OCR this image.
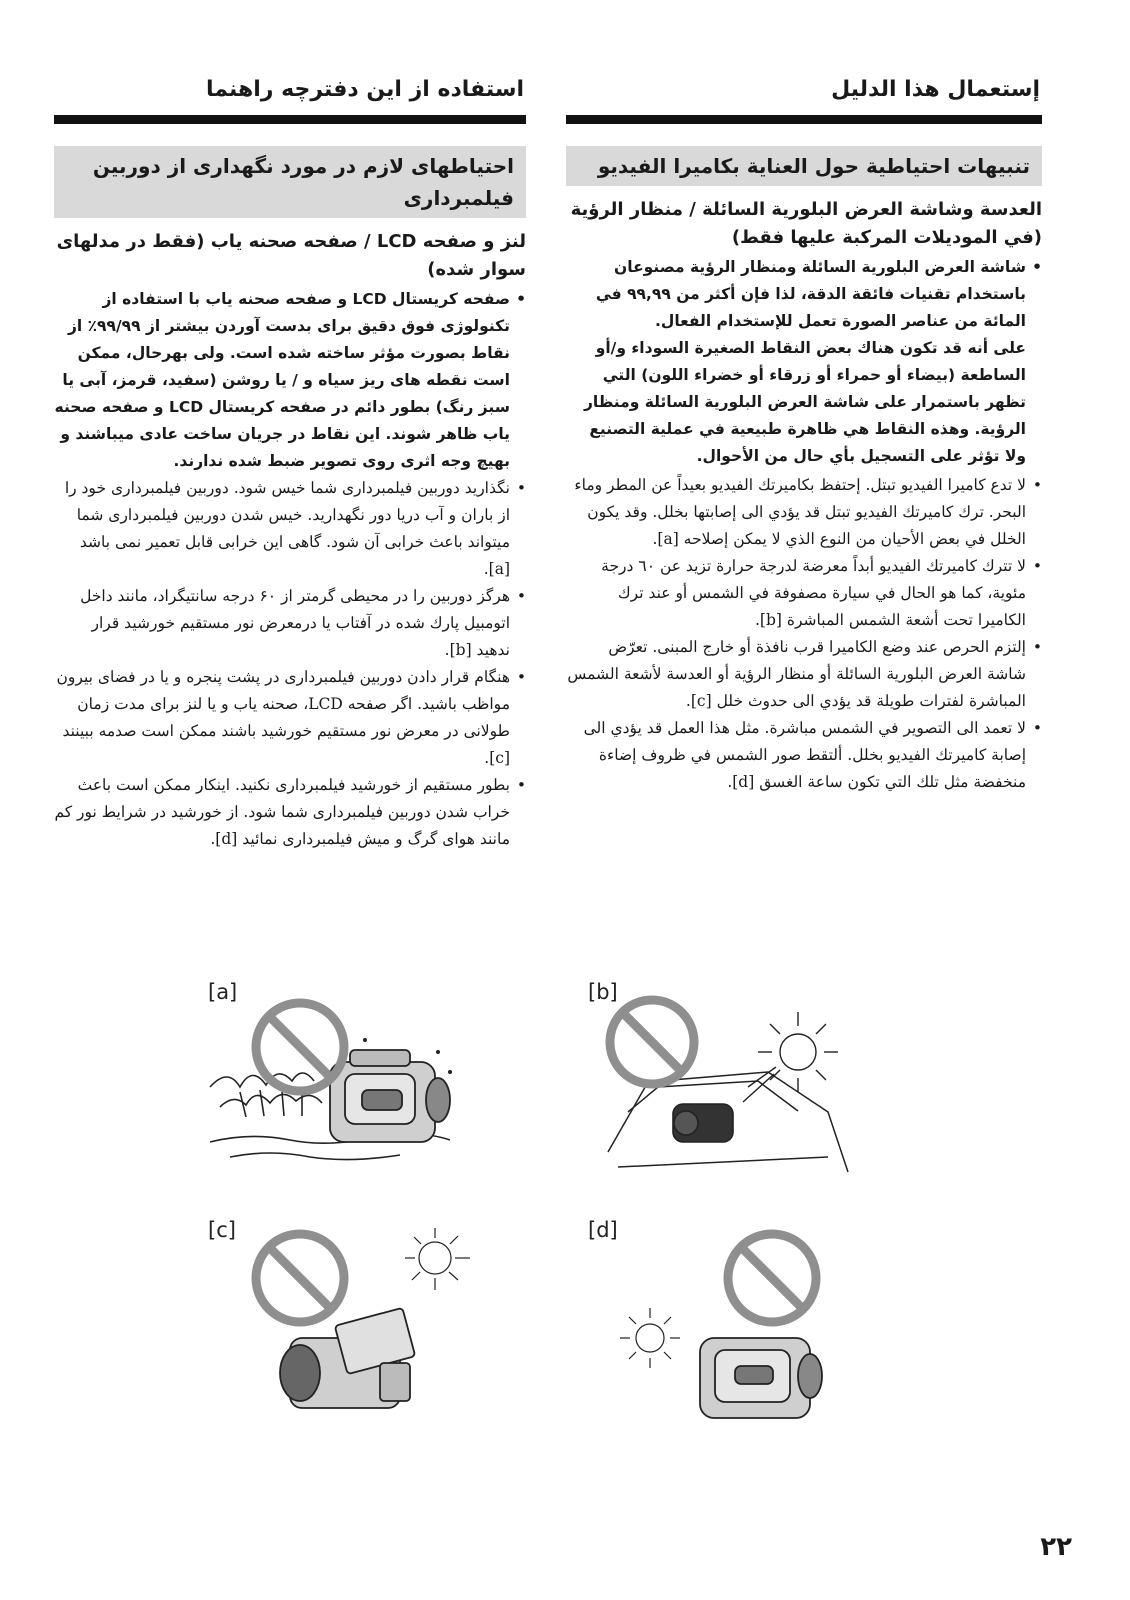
استفاده از این دفترچه راهنما
احتیاطهای لازم در مورد نگهداری از دوربین فیلمبرداری
لنز و صفحه LCD / صفحه صحنه یاب (فقط در مدلهای سوار شده)
• صفحه کریستال LCD و صفحه صحنه یاب با استفاده از تکنولوژی فوق دقیق برای بدست آوردن بیشتر از ۹۹/۹۹٪ از نقاط بصورت مؤثر ساخته شده است. ولی بهرحال، ممکن است نقطه های ریز سیاه و / یا روشن (سفید، قرمز، آبی یا سبز رنگ) بطور دائم در صفحه کریستال LCD و صفحه صحنه یاب ظاهر شوند. این نقاط در جریان ساخت عادی میباشند و بهیچ وجه اثری روی تصویر ضبط شده ندارند.
• نگذارید دوربین فیلمبرداری شما خیس شود. دوربین فیلمبرداری خود را از باران و آب دریا دور نگهدارید. خیس شدن دوربین فیلمبرداری شما میتواند باعث خرابی آن شود. گاهی این خرابی قابل تعمیر نمی باشد [a].
• هرگز دوربین را در محیطی گرمتر از ۶۰ درجه سانتیگراد، مانند داخل اتومبیل پارك شده در آفتاب یا درمعرض نور مستقیم خورشید قرار ندهید [b].
• هنگام قرار دادن دوربین فیلمبرداری در پشت پنجره و یا در فضای بیرون مواظب باشید. اگر صفحه LCD، صحنه یاب و یا لنز برای مدت زمان طولانی در معرض نور مستقیم خورشید باشند ممکن است صدمه ببینند [c].
• بطور مستقیم از خورشید فیلمبرداری نکنید. اینکار ممکن است باعث خراب شدن دوربین فیلمبرداری شما شود. از خورشید در شرایط نور کم مانند هوای گرگ و میش فیلمبرداری نمائید [d].
إستعمال هذا الدليل
تنبيهات احتياطية حول العناية بكاميرا الفيديو
العدسة وشاشة العرض البلورية السائلة / منظار الرؤية (في الموديلات المركبة عليها فقط)
• شاشة العرض البلورية السائلة ومنظار الرؤية مصنوعان باستخدام تقنيات فائقة الدقة، لذا فإن أكثر من ٩٩,٩٩ في المائة من عناصر الصورة تعمل للإستخدام الفعال.
على أنه قد تكون هناك بعض النقاط الصغيرة السوداء و/أو الساطعة (بيضاء أو حمراء أو زرقاء أو خضراء اللون) التي تظهر باستمرار على شاشة العرض البلورية السائلة ومنظار الرؤية. وهذه النقاط هي ظاهرة طبيعية في عملية التصنيع ولا تؤثر على التسجيل بأي حال من الأحوال.
• لا تدع كاميرا الفيديو تبتل. إحتفظ بكاميرتك الفيديو بعيداً عن المطر وماء البحر. ترك كاميرتك الفيديو تبتل قد يؤدي الى إصابتها بخلل. وقد يكون الخلل في بعض الأحيان من النوع الذي لا يمكن إصلاحه [a].
• لا تترك كاميرتك الفيديو أبداً معرضة لدرجة حرارة تزيد عن ٦٠ درجة مئوية، كما هو الحال في سيارة مصفوفة في الشمس أو عند ترك الكاميرا تحت أشعة الشمس المباشرة [b].
• إلتزم الحرص عند وضع الكاميرا قرب نافذة أو خارج المبنى. تعرّض شاشة العرض البلورية السائلة أو منظار الرؤية أو العدسة لأشعة الشمس المباشرة لفترات طويلة قد يؤدي الى حدوث خلل [c].
• لا تعمد الى التصوير في الشمس مباشرة. مثل هذا العمل قد يؤدي الى إصابة كاميرتك الفيديو بخلل. ألتقط صور الشمس في ظروف إضاءة منخفضة مثل تلك التي تكون ساعة الغسق [d].
[a]	[b]
[c]	[d]
۲۲
